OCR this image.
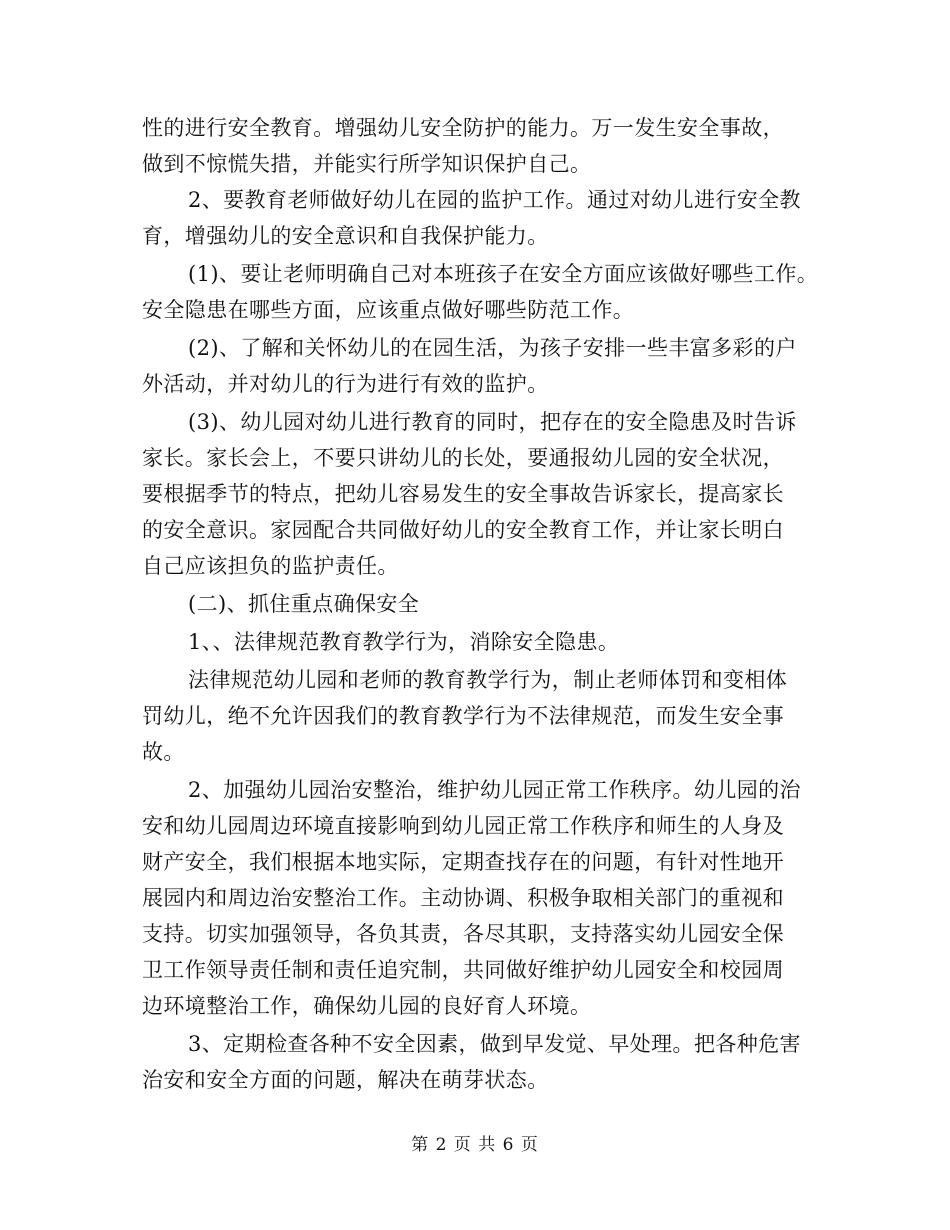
性的进行安全教育。增强幼儿安全防护的能力。万一发生安全事故，
做到不惊慌失措，并能实行所学知识保护自己。
2、要教育老师做好幼儿在园的监护工作。通过对幼儿进行安全教
育，增强幼儿的安全意识和自我保护能力。
(1)、要让老师明确自己对本班孩子在安全方面应该做好哪些工作。
安全隐患在哪些方面，应该重点做好哪些防范工作。
(2)、了解和关怀幼儿的在园生活，为孩子安排一些丰富多彩的户
外活动，并对幼儿的行为进行有效的监护。
(3)、幼儿园对幼儿进行教育的同时，把存在的安全隐患及时告诉
家长。家长会上，不要只讲幼儿的长处，要通报幼儿园的安全状况，
要根据季节的特点，把幼儿容易发生的安全事故告诉家长，提高家长
的安全意识。家园配合共同做好幼儿的安全教育工作，并让家长明白
自己应该担负的监护责任。
(二)、抓住重点确保安全
1、、法律规范教育教学行为，消除安全隐患。
法律规范幼儿园和老师的教育教学行为，制止老师体罚和变相体
罚幼儿，绝不允许因我们的教育教学行为不法律规范，而发生安全事
故。
2、加强幼儿园治安整治，维护幼儿园正常工作秩序。幼儿园的治
安和幼儿园周边环境直接影响到幼儿园正常工作秩序和师生的人身及
财产安全，我们根据本地实际，定期查找存在的问题，有针对性地开
展园内和周边治安整治工作。主动协调、积极争取相关部门的重视和
支持。切实加强领导，各负其责，各尽其职，支持落实幼儿园安全保
卫工作领导责任制和责任追究制，共同做好维护幼儿园安全和校园周
边环境整治工作，确保幼儿园的良好育人环境。
3、定期检查各种不安全因素，做到早发觉、早处理。把各种危害
治安和安全方面的问题，解决在萌芽状态。
第 2 页 共 6 页
